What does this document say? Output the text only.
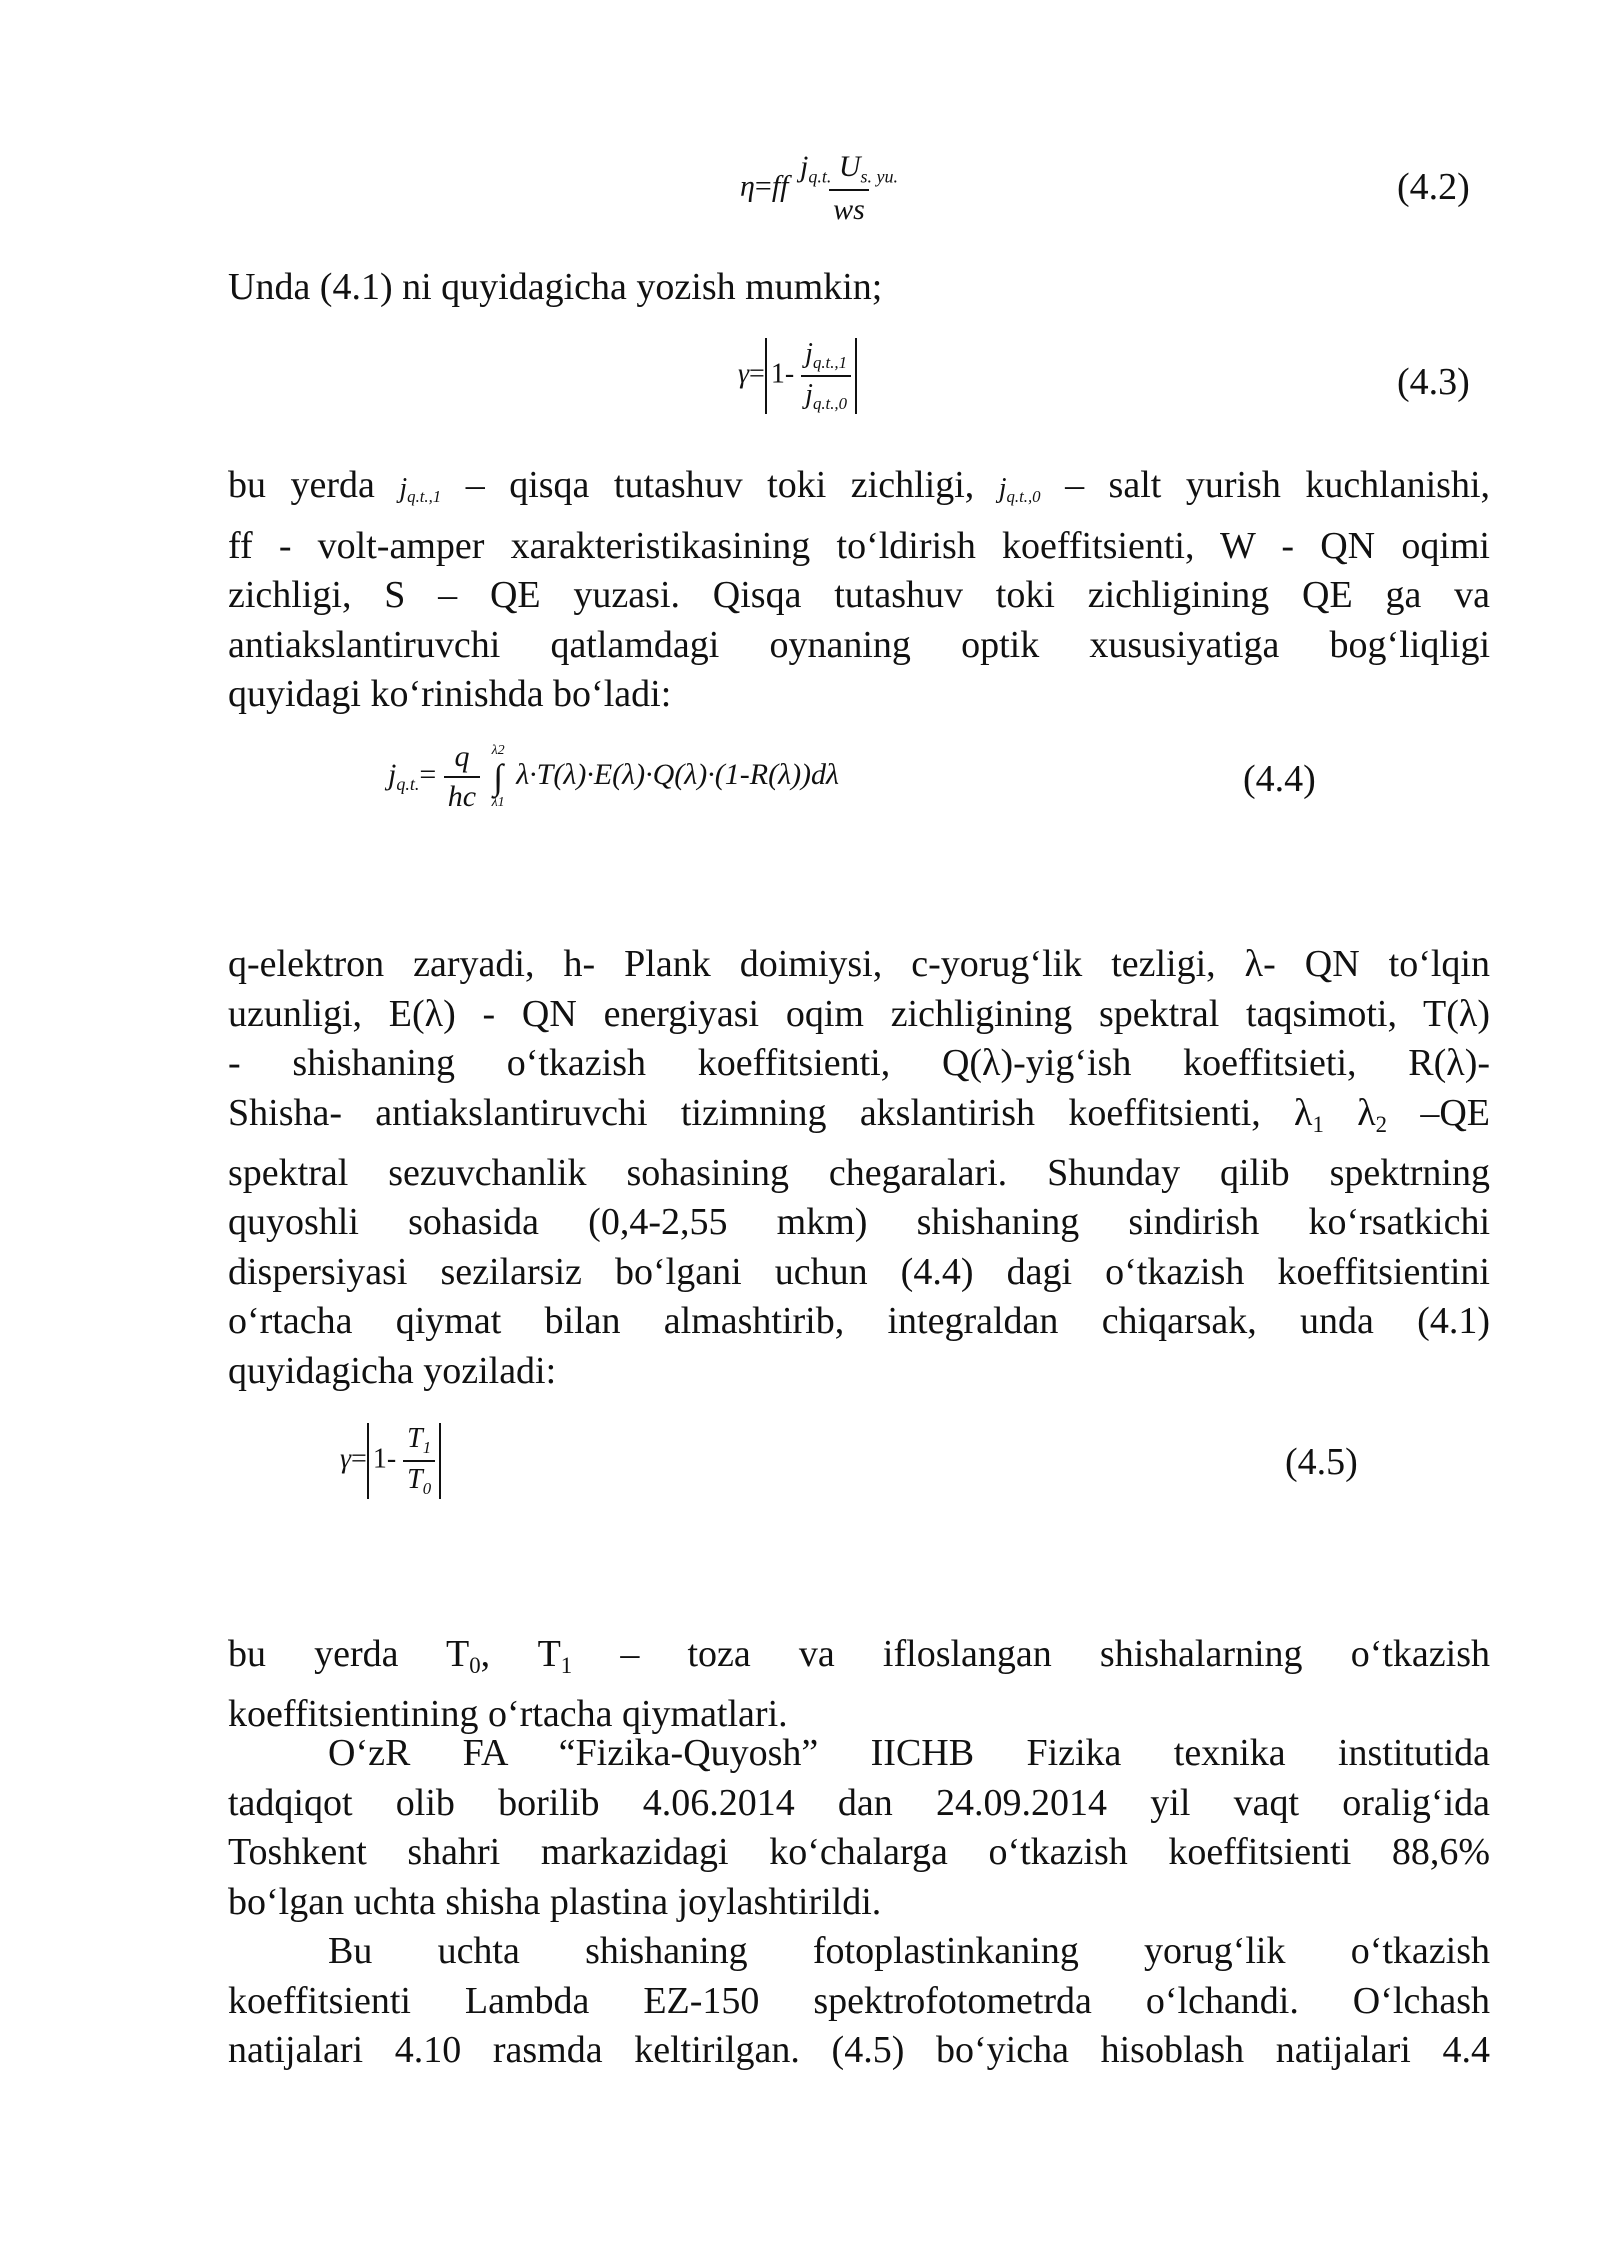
$\eta=ff \frac{j_{q.t.} U_{s. yu.}}{ws}$	(4.2)
Unda (4.1) ni quyidagicha yozish mumkin;
$\gamma= 1- \frac{j_{q.t.,1}}{j_{q.t.,0}}$	(4.3)
bu yerda jq.t.,1 – qisqa tutashuv toki zichligi, jq.t.,0 – salt yurish kuchlanishi,
ff - volt-amper xarakteristikasining to‘ldirish koeffitsienti, W - QN oqimi
zichligi, S – QE yuzasi. Qisqa tutashuv toki zichligining QE ga va
antiakslantiruvchi qatlamdagi oynaning optik xususiyatiga bog‘liqligi
quyidagi ko‘rinishda bo‘ladi:
$j_{q.t.}= \frac{q}{hc}$
λ2
∫
λ1
λ·T(λ)·E(λ)·Q(λ)·(1-R(λ))dλ	(4.4)
q-elektron zaryadi, h- Plank doimiysi, c-yorug‘lik tezligi, λ- QN to‘lqin
uzunligi, E(λ) - QN energiyasi oqim zichligining spektral taqsimoti, T(λ)
- shishaning o‘tkazish koeffitsienti, Q(λ)-yig‘ish koeffitsieti, R(λ)-
Shisha- antiakslantiruvchi tizimning akslantirish koeffitsienti, λ1 λ2 –QE
spektral sezuvchanlik sohasining chegaralari. Shunday qilib spektrning
quyoshli sohasida (0,4-2,55 mkm) shishaning sindirish ko‘rsatkichi
dispersiyasi sezilarsiz bo‘lgani uchun (4.4) dagi o‘tkazish koeffitsientini
o‘rtacha qiymat bilan almashtirib, integraldan chiqarsak, unda (4.1)
quyidagicha yoziladi:
$\gamma= 1- \frac{T_1}{T_0}$	(4.5)
bu yerda T0, T1 – toza va ifloslangan shishalarning o‘tkazish
koeffitsientining o‘rtacha qiymatlari.
O‘zR FA “Fizika-Quyosh” IICHB Fizika texnika institutida
tadqiqot olib borilib 4.06.2014 dan 24.09.2014 yil vaqt oralig‘ida
Toshkent shahri markazidagi ko‘chalarga o‘tkazish koeffitsienti 88,6%
bo‘lgan uchta shisha plastina joylashtirildi.
Bu uchta shishaning fotoplastinkaning yorug‘lik o‘tkazish
koeffitsienti Lambda EZ-150 spektrofotometrda o‘lchandi. O‘lchash
natijalari 4.10 rasmda keltirilgan. (4.5) bo‘yicha hisoblash natijalari 4.4
